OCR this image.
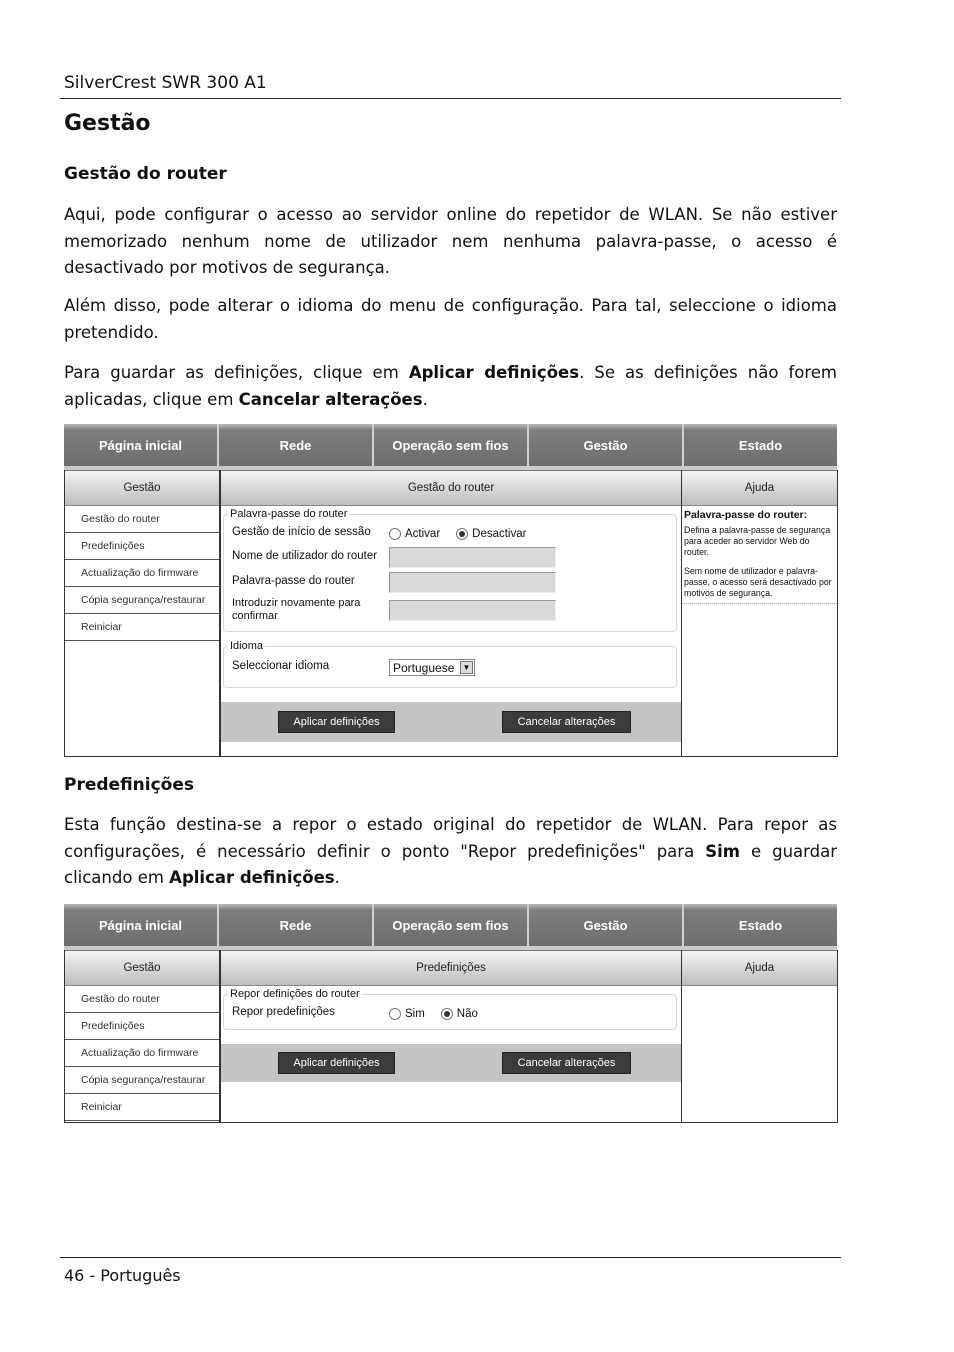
SilverCrest SWR 300 A1
Gestão
Gestão do router

Aqui, pode configurar o acesso ao servidor online do repetidor de WLAN. Se não estiver memorizado nenhum nome de utilizador nem nenhuma palavra-passe, o acesso é desactivado por motivos de segurança.

Além disso, pode alterar o idioma do menu de configuração. Para tal, seleccione o idioma pretendido.

Para guardar as definições, clique em Aplicar definições. Se as definições não forem aplicadas, clique em Cancelar alterações.

Página inicial	Rede	Operação sem fios	Gestão	Estado
Gestão
Gestão do router
Predefinições
Actualização do firmware
Cópia segurança/restaurar
Reiniciar
Gestão do router
Palavra-passe do router
Gestão de início de sessão	Activar	Desactivar
Nome de utilizador do router
Palavra-passe do router
Introduzir novamente para
confirmar
Idioma
Seleccionar idioma	Portuguese	▼
Aplicar definições	Cancelar alterações
Ajuda
Palavra-passe do router:
Defina a palavra-passe de segurança para aceder ao servidor Web do router.
Sem nome de utilizador e palavra-passe, o acesso será desactivado por motivos de segurança.
Predefinições

Esta função destina-se a repor o estado original do repetidor de WLAN. Para repor as configurações, é necessário definir o ponto "Repor predefinições" para Sim e guardar clicando em Aplicar definições.

Página inicial	Rede	Operação sem fios	Gestão	Estado
Gestão
Gestão do router
Predefinições
Actualização do firmware
Cópia segurança/restaurar
Reiniciar
Predefinições
Repor definições do router
Repor predefinições	Sim	Não
Aplicar definições	Cancelar alterações
Ajuda
46 - Português
